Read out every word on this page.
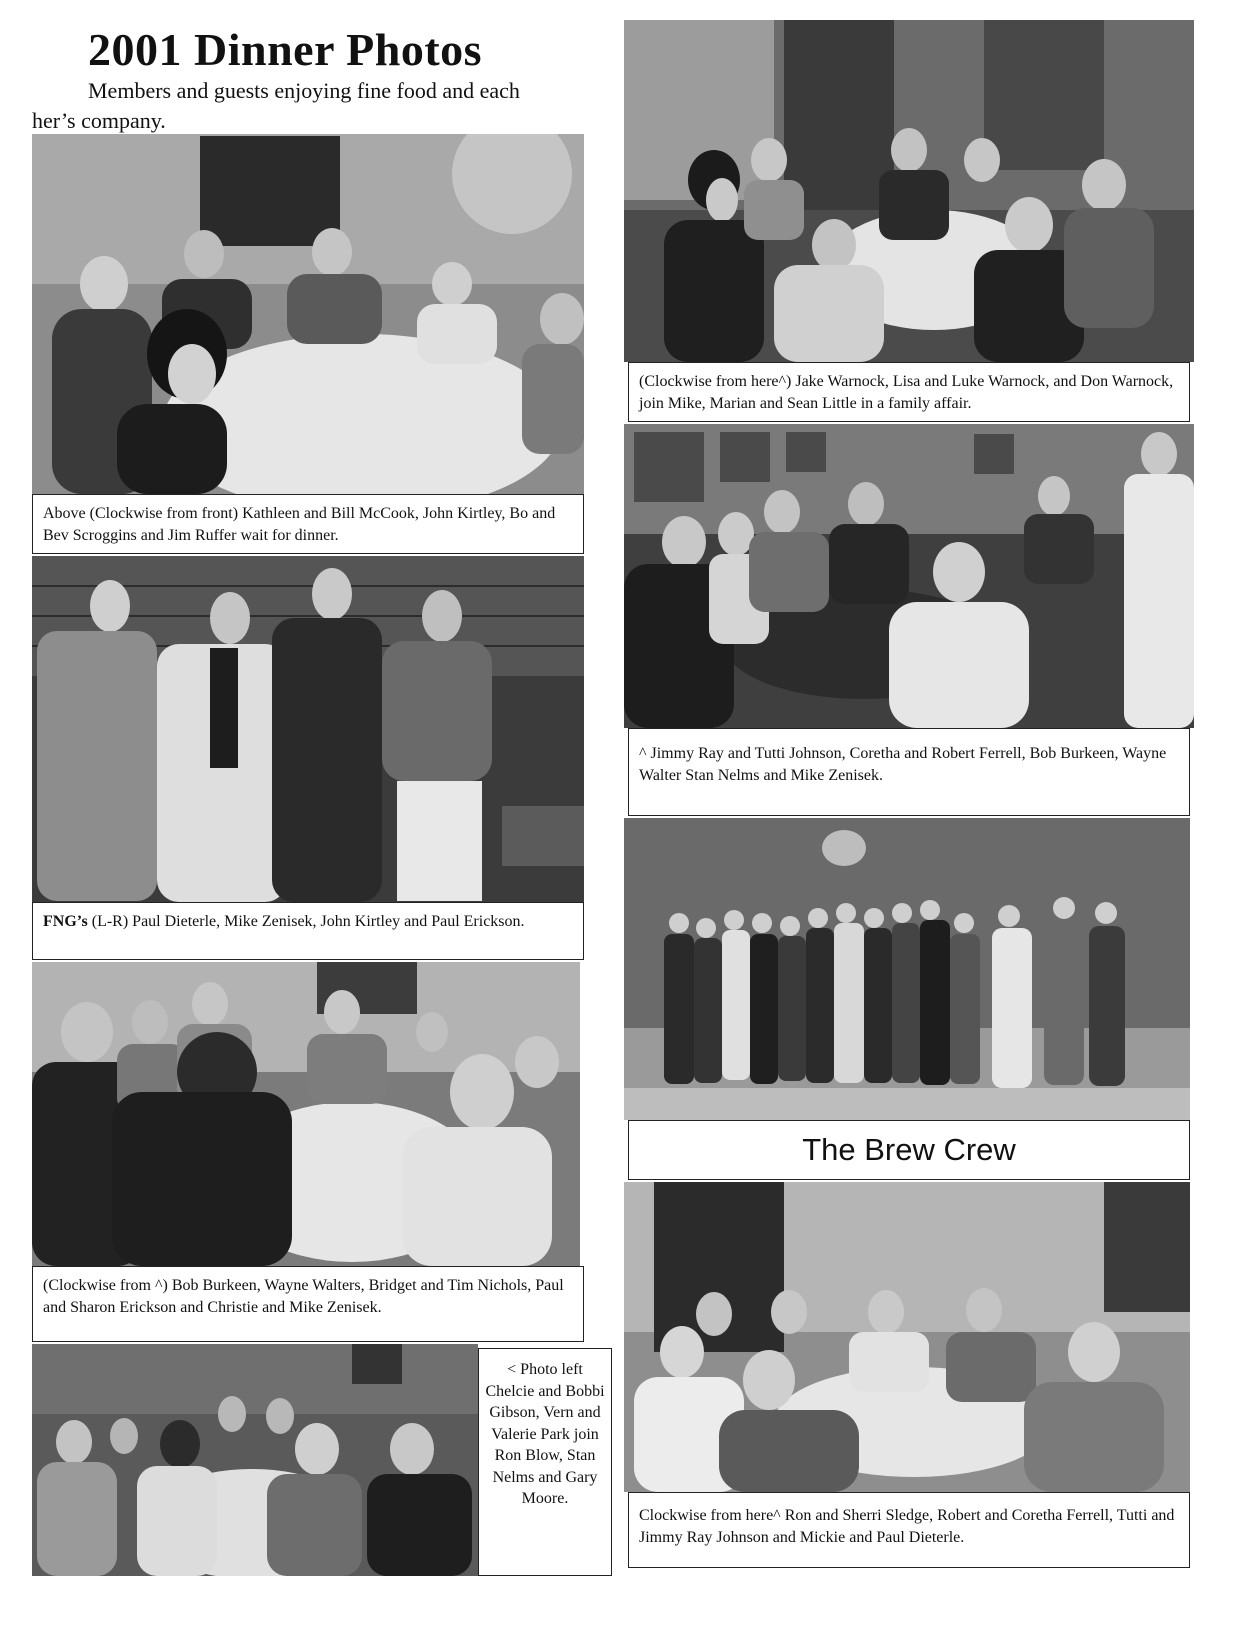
2001 Dinner Photos
Members and guests enjoying fine food and each
her’s company.
Above (Clockwise from front) Kathleen and Bill McCook, John Kirtley, Bo and Bev Scroggins and Jim Ruffer wait for dinner.
FNG’s (L-R) Paul Dieterle, Mike Zenisek, John Kirtley and Paul Erickson.
(Clockwise from ^) Bob Burkeen, Wayne Walters, Bridget and Tim Nichols, Paul and Sharon Erickson and Christie and Mike Zenisek.
< Photo left Chelcie and Bobbi Gibson, Vern and Valerie Park join Ron Blow, Stan Nelms and Gary Moore.
(Clockwise from here^) Jake Warnock, Lisa and Luke Warnock, and Don Warnock, join Mike, Marian and Sean Little in a family affair.
^ Jimmy Ray and Tutti Johnson, Coretha and Robert Ferrell, Bob Burkeen, Wayne Walter Stan Nelms and Mike Zenisek.
The Brew Crew
Clockwise from here^ Ron and Sherri Sledge, Robert and Coretha Ferrell, Tutti and Jimmy Ray Johnson and Mickie and Paul Dieterle.
